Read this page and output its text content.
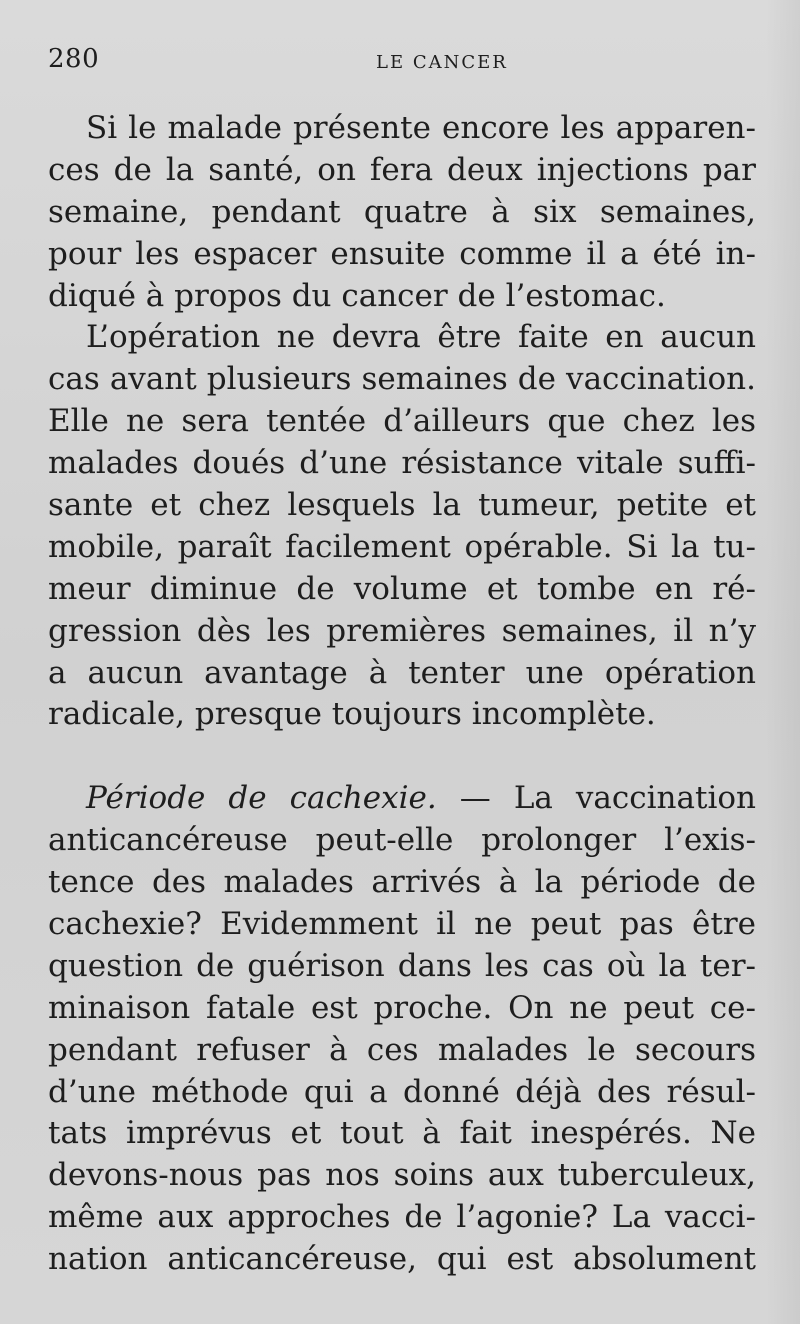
280	LE CANCER
Si le malade présente encore les apparen-
ces de la santé, on fera deux injections par
semaine, pendant quatre à six semaines,
pour les espacer ensuite comme il a été in-
diqué à propos du cancer de l’estomac.
L’opération ne devra être faite en aucun
cas avant plusieurs semaines de vaccination.
Elle ne sera tentée d’ailleurs que chez les
malades doués d’une résistance vitale suffi-
sante et chez lesquels la tumeur, petite et
mobile, paraît facilement opérable. Si la tu-
meur diminue de volume et tombe en ré-
gression dès les premières semaines, il n’y
a aucun avantage à tenter une opération
radicale, presque toujours incomplète.
Période de cachexie. — La vaccination
anticancéreuse peut-elle prolonger l’exis-
tence des malades arrivés à la période de
cachexie? Evidemment il ne peut pas être
question de guérison dans les cas où la ter-
minaison fatale est proche. On ne peut ce-
pendant refuser à ces malades le secours
d’une méthode qui a donné déjà des résul-
tats imprévus et tout à fait inespérés. Ne
devons-nous pas nos soins aux tuberculeux,
même aux approches de l’agonie? La vacci-
nation anticancéreuse, qui est absolument
